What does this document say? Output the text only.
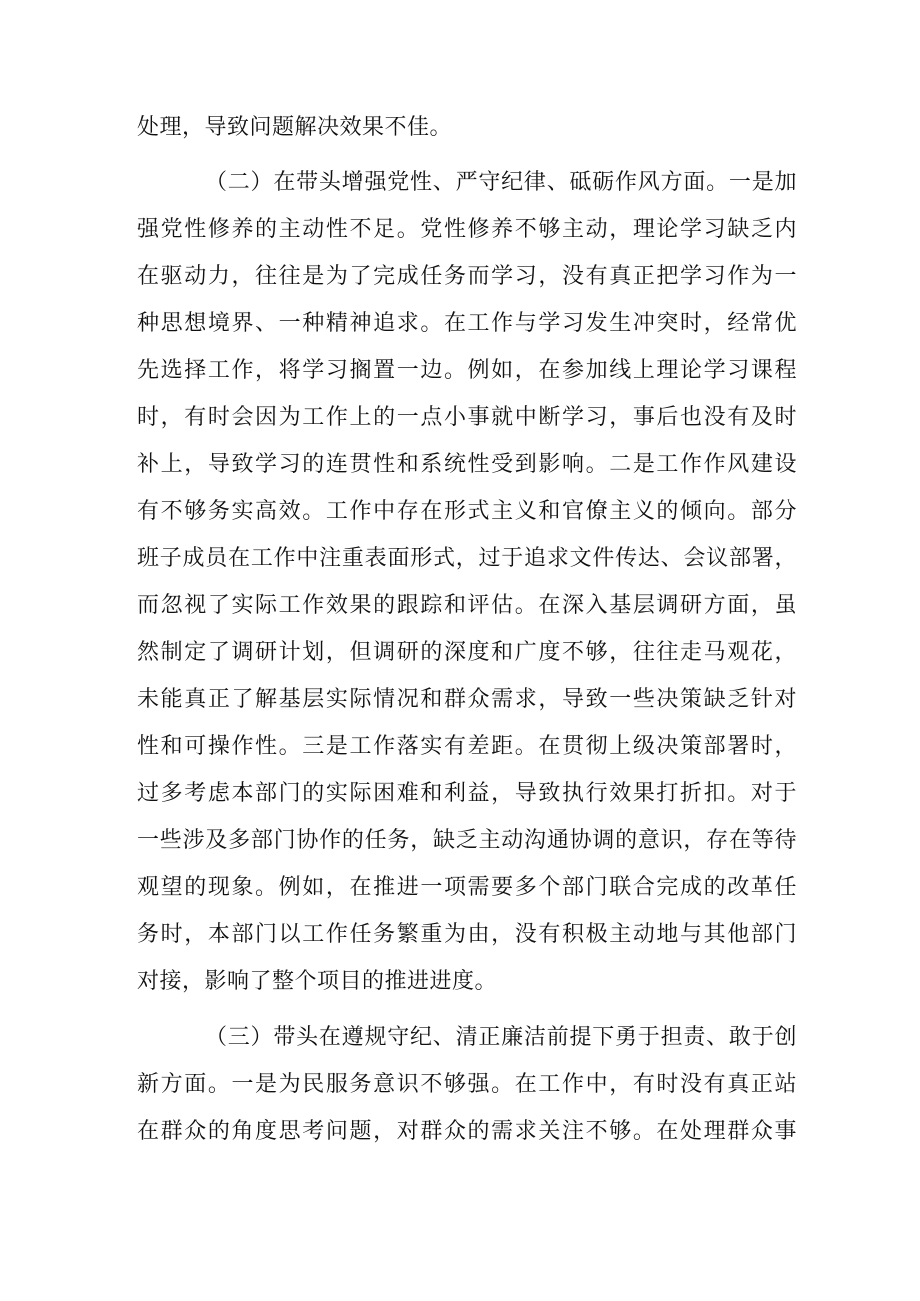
处理，导致问题解决效果不佳。
（二）在带头增强党性、严守纪律、砥砺作风方面。一是加
强党性修养的主动性不足。党性修养不够主动，理论学习缺乏内
在驱动力，往往是为了完成任务而学习，没有真正把学习作为一
种思想境界、一种精神追求。在工作与学习发生冲突时，经常优
先选择工作，将学习搁置一边。例如，在参加线上理论学习课程
时，有时会因为工作上的一点小事就中断学习，事后也没有及时
补上，导致学习的连贯性和系统性受到影响。二是工作作风建设
有不够务实高效。工作中存在形式主义和官僚主义的倾向。部分
班子成员在工作中注重表面形式，过于追求文件传达、会议部署，
而忽视了实际工作效果的跟踪和评估。在深入基层调研方面，虽
然制定了调研计划，但调研的深度和广度不够，往往走马观花，
未能真正了解基层实际情况和群众需求，导致一些决策缺乏针对
性和可操作性。三是工作落实有差距。在贯彻上级决策部署时，
过多考虑本部门的实际困难和利益，导致执行效果打折扣。对于
一些涉及多部门协作的任务，缺乏主动沟通协调的意识，存在等待
观望的现象。例如，在推进一项需要多个部门联合完成的改革任
务时，本部门以工作任务繁重为由，没有积极主动地与其他部门
对接，影响了整个项目的推进进度。
（三）带头在遵规守纪、清正廉洁前提下勇于担责、敢于创
新方面。一是为民服务意识不够强。在工作中，有时没有真正站
在群众的角度思考问题，对群众的需求关注不够。在处理群众事
